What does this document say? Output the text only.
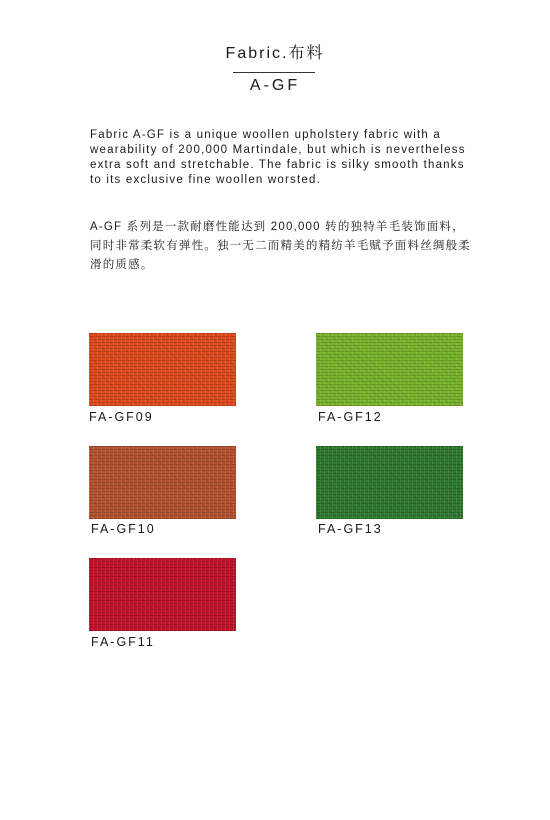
Fabric.布料
A-GF

Fabric A-GF is a unique woollen upholstery fabric with a wearability of 200,000 Martindale, but which is nevertheless extra soft and stretchable. The fabric is silky smooth thanks to its exclusive fine woollen worsted.

A-GF 系列是一款耐磨性能达到 200,000 转的独特羊毛装饰面料，同时非常柔软有弹性。独一无二而精美的精纺羊毛赋予面料丝绸般柔滑的质感。

FA-GF09	FA-GF12
FA-GF10	FA-GF13
FA-GF11
